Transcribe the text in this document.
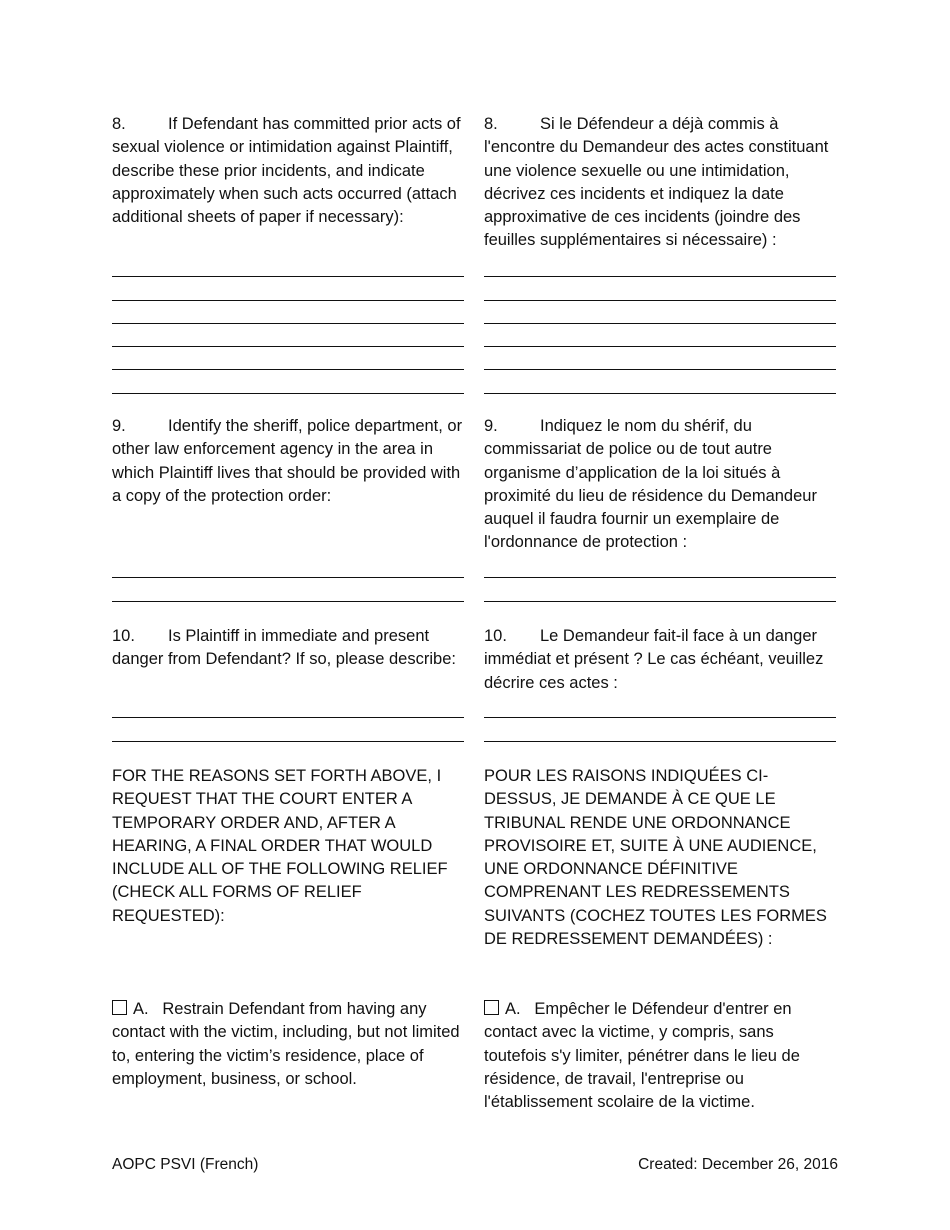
8.	If Defendant has committed prior acts of sexual violence or intimidation against Plaintiff, describe these prior incidents, and indicate approximately when such acts occurred (attach additional sheets of paper if necessary):
8.	Si le Défendeur a déjà commis à l'encontre du Demandeur des actes constituant une violence sexuelle ou une intimidation, décrivez ces incidents et indiquez la date approximative de ces incidents (joindre des feuilles supplémentaires si nécessaire) :
9.	Identify the sheriff, police department, or other law enforcement agency in the area in which Plaintiff lives that should be provided with a copy of the protection order:
9.	Indiquez le nom du shérif, du commissariat de police ou de tout autre organisme d’application de la loi situés à proximité du lieu de résidence du Demandeur auquel il faudra fournir un exemplaire de l'ordonnance de protection :
10. Is Plaintiff in immediate and present danger from Defendant? If so, please describe:
10. Le Demandeur fait-il face à un danger immédiat et présent ? Le cas échéant, veuillez décrire ces actes :
FOR THE REASONS SET FORTH ABOVE, I REQUEST THAT THE COURT ENTER A TEMPORARY ORDER AND, AFTER A HEARING, A FINAL ORDER THAT WOULD INCLUDE ALL OF THE FOLLOWING RELIEF (CHECK ALL FORMS OF RELIEF REQUESTED):
POUR LES RAISONS INDIQUÉES CI-DESSUS, JE DEMANDE À CE QUE LE TRIBUNAL RENDE UNE ORDONNANCE PROVISOIRE ET, SUITE À UNE AUDIENCE, UNE ORDONNANCE DÉFINITIVE COMPRENANT LES REDRESSEMENTS SUIVANTS (COCHEZ TOUTES LES FORMES DE REDRESSEMENT DEMANDÉES) :
A. Restrain Defendant from having any contact with the victim, including, but not limited to, entering the victim’s residence, place of employment, business, or school.
A. Empêcher le Défendeur d'entrer en contact avec la victime, y compris, sans toutefois s'y limiter, pénétrer dans le lieu de résidence, de travail, l'entreprise ou l'établissement scolaire de la victime.
AOPC PSVI (French)	Created: December 26, 2016
